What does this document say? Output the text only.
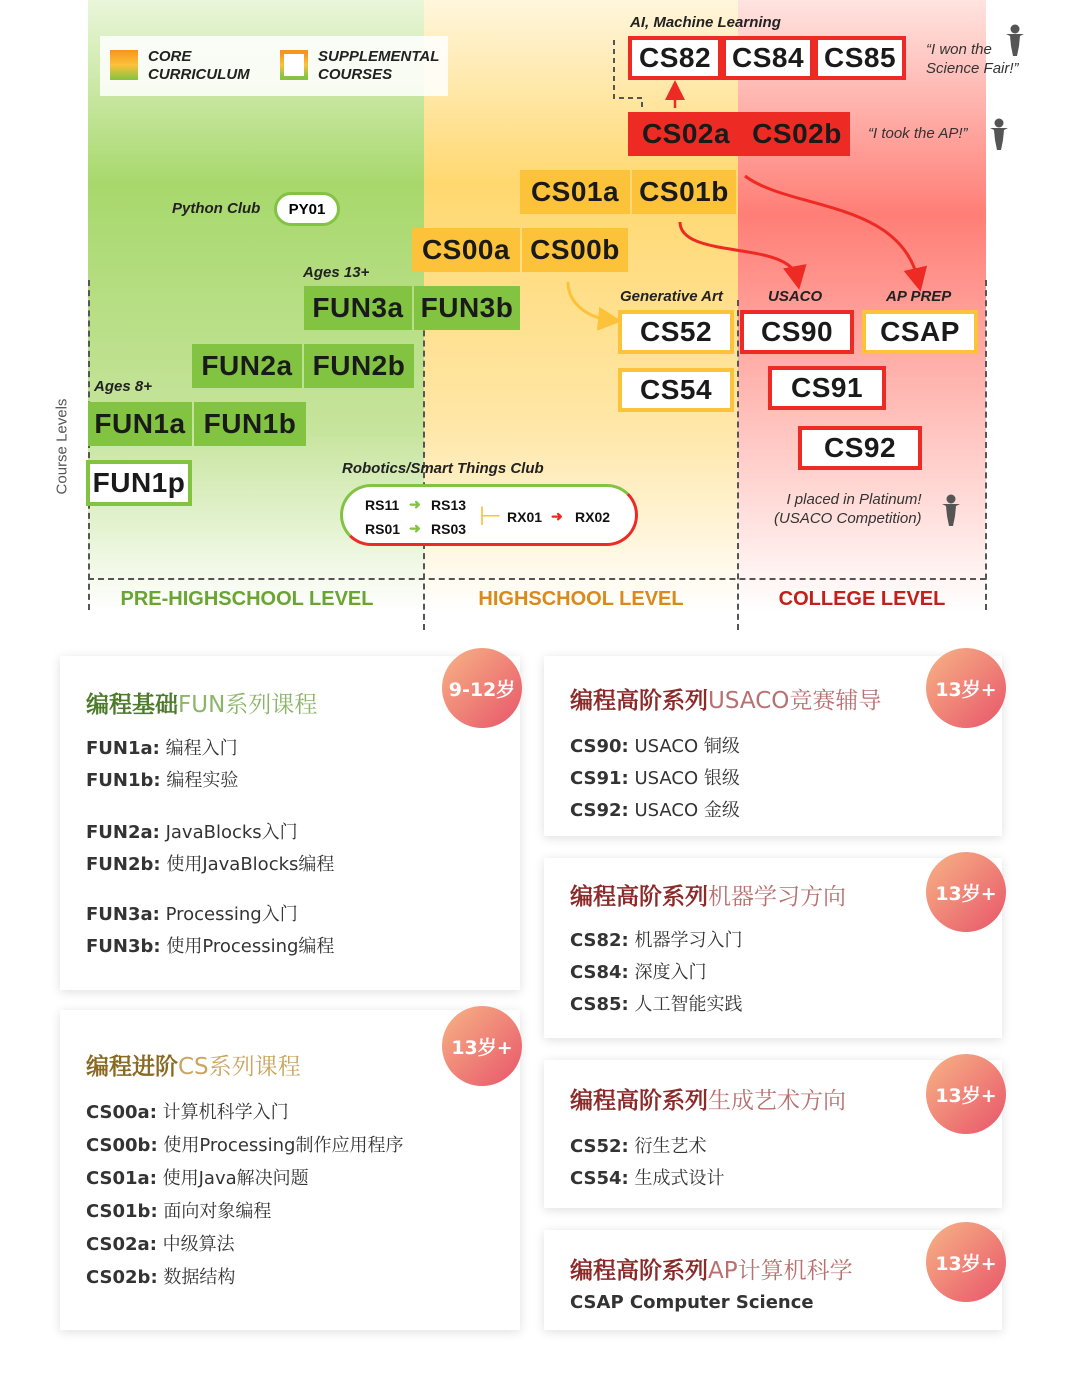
CORE CURRICULUM
SUPPLEMENTAL COURSES
AI, Machine Learning
CS82 CS84 CS85	“I won the
Science Fair!”
CS02a CS02b	“I took the AP!”
CS01a CS01b
Python Club	PY01
CS00a CS00b
Ages 13+
FUN3a FUN3b	Generative Art	USACO	AP PREP
CS52	CS90	CSAP
FUN2a FUN2b
CS54	CS91
Ages 8+
FUN1a FUN1b
CS92
FUN1p	Robotics/Smart Things Club
RS11 ➜ RS13
RS01 ➜ RS03 ⊢ RX01 ➜ RX02
I placed in Platinum!
(USACO Competition)
Course Levels
PRE-HIGHSCHOOL LEVEL	HIGHSCHOOL LEVEL	COLLEGE LEVEL
编程基础FUN系列课程
FUN1a: 编程入门
FUN1b: 编程实验
FUN2a: JavaBlocks入门
FUN2b: 使用JavaBlocks编程
FUN3a: Processing入门
FUN3b: 使用Processing编程
9-12岁
编程进阶CS系列课程
CS00a: 计算机科学入门
CS00b: 使用Processing制作应用程序
CS01a: 使用Java解决问题
CS01b: 面向对象编程
CS02a: 中级算法
CS02b: 数据结构
13岁+
编程高阶系列USACO竞赛辅导
CS90: USACO 铜级
CS91: USACO 银级
CS92: USACO 金级
13岁+
编程高阶系列机器学习方向
CS82: 机器学习入门
CS84: 深度入门
CS85: 人工智能实践
13岁+
编程高阶系列生成艺术方向
CS52: 衍生艺术
CS54: 生成式设计
13岁+
编程高阶系列AP计算机科学
CSAP Computer Science
13岁+
